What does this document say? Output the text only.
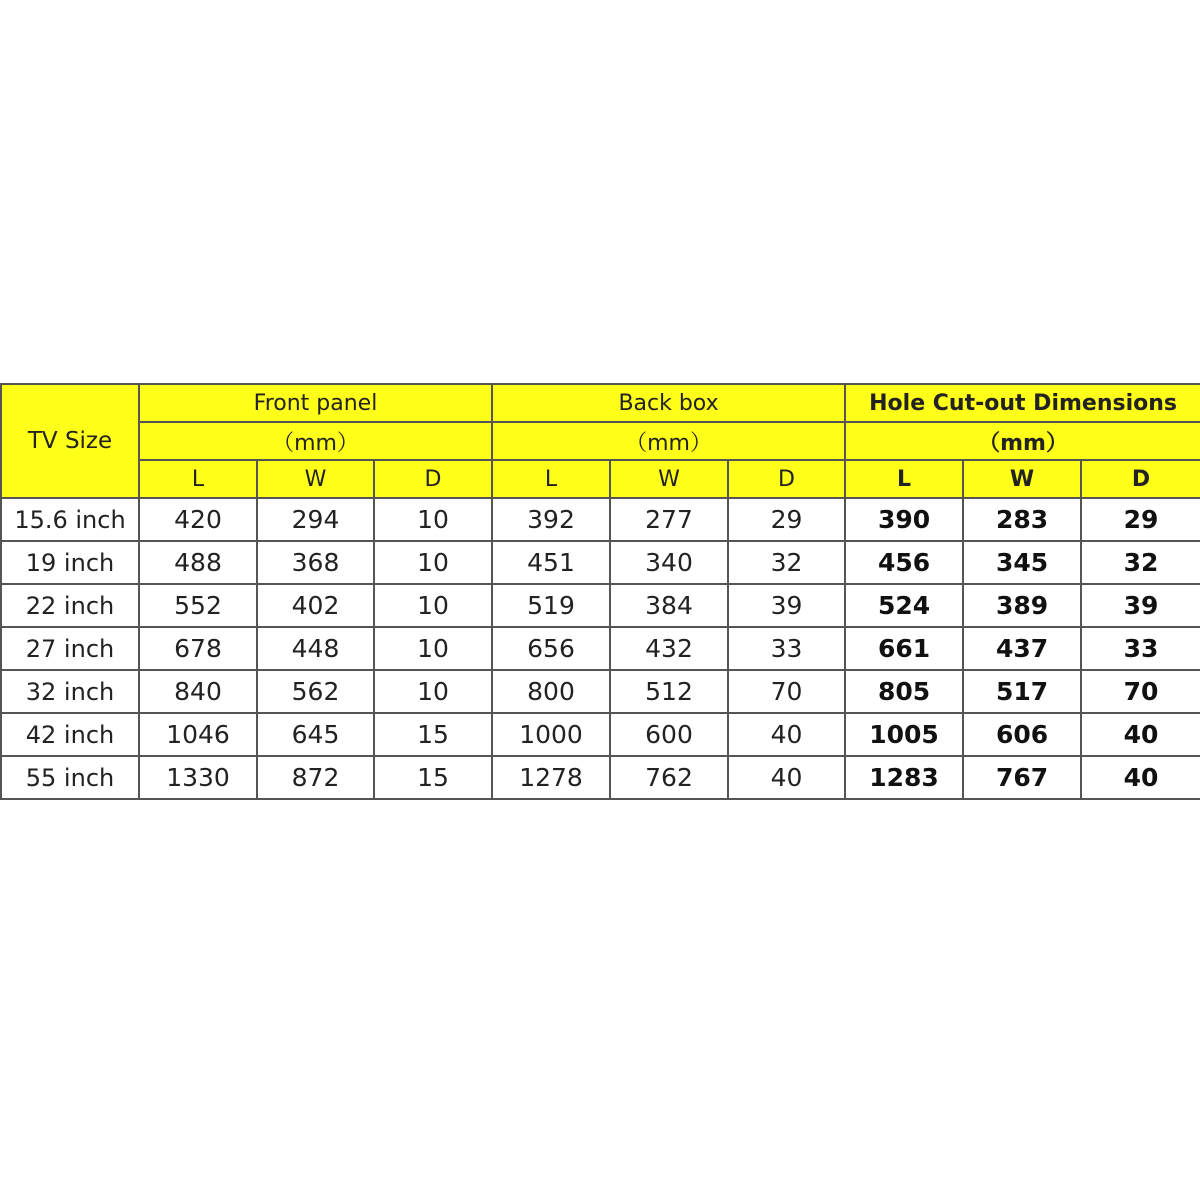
TV Size	Front panel			Back box			Hole Cut-out Dimensions		
	（mm）			（mm）			（mm）		
	L	W	D	L	W	D	L	W	D
15.6 inch	420	294	10	392	277	29	390	283	29
19 inch	488	368	10	451	340	32	456	345	32
22 inch	552	402	10	519	384	39	524	389	39
27 inch	678	448	10	656	432	33	661	437	33
32 inch	840	562	10	800	512	70	805	517	70
42 inch	1046	645	15	1000	600	40	1005	606	40
55 inch	1330	872	15	1278	762	40	1283	767	40
